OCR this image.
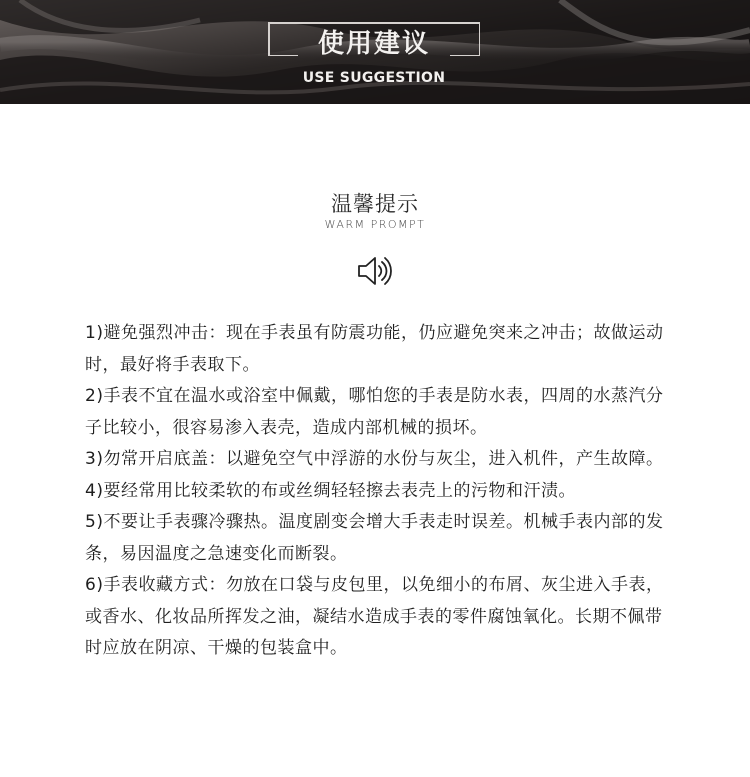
使用建议
USE SUGGESTION
温馨提示
WARM PROMPT

1)避免强烈冲击：现在手表虽有防震功能，仍应避免突来之冲击；故做运动时，最好将手表取下。

2)手表不宜在温水或浴室中佩戴，哪怕您的手表是防水表，四周的水蒸汽分子比较小，很容易渗入表壳，造成内部机械的损坏。

3)勿常开启底盖：以避免空气中浮游的水份与灰尘，进入机件，产生故障。

4)要经常用比较柔软的布或丝绸轻轻擦去表壳上的污物和汗渍。

5)不要让手表骤冷骤热。温度剧变会增大手表走时误差。机械手表内部的发条，易因温度之急速变化而断裂。

6)手表收藏方式：勿放在口袋与皮包里，以免细小的布屑、灰尘进入手表，或香水、化妆品所挥发之油，凝结水造成手表的零件腐蚀氧化。长期不佩带时应放在阴凉、干燥的包装盒中。
